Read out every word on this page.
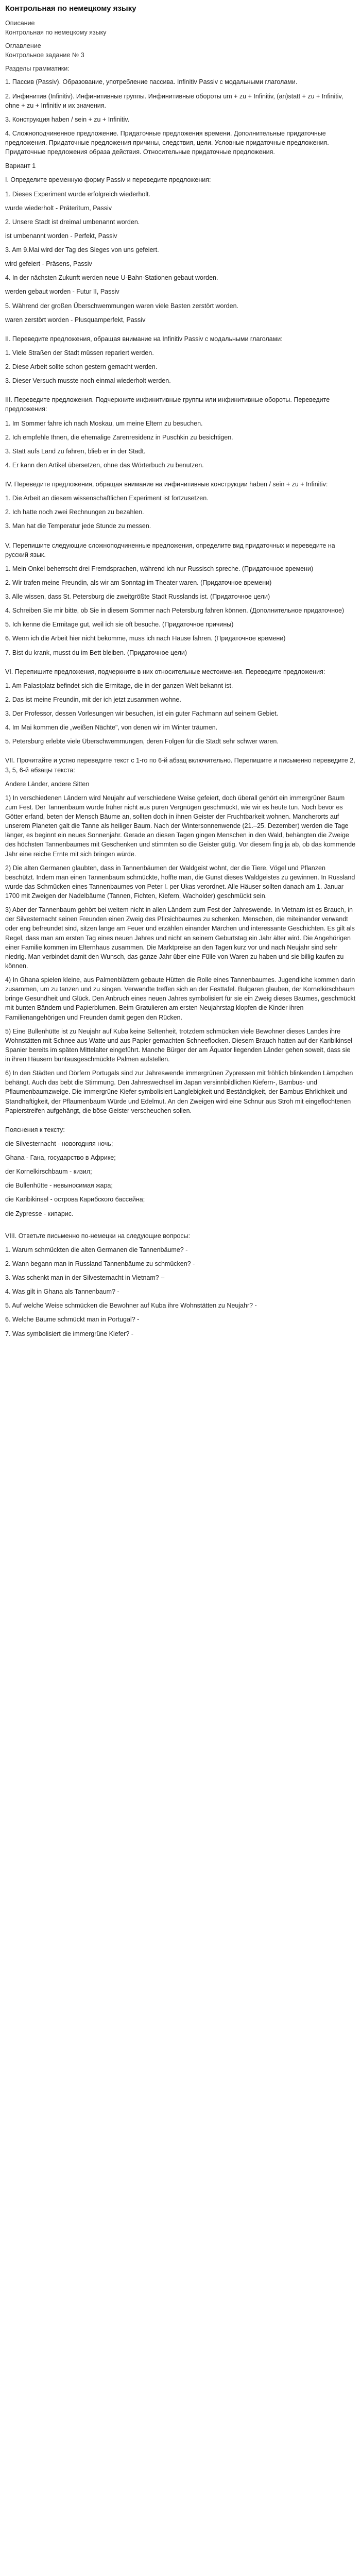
Контрольная по немецкому языку

Описание

Контрольная по немецкому языку

Оглавление

Контрольное задание № 3

Разделы грамматики:

1. Пассив (Passiv). Образование, употребление пассива. Infinitiv Passiv с модальными глаголами.

2. Инфинитив (Infinitiv). Инфинитивные группы. Инфинитивные обороты um + zu + Infinitiv, (an)statt + zu + Infinitiv, ohne + zu + Infinitiv и их значения.

3. Конструкция haben / sein + zu + Infinitiv.

4. Сложноподчиненное предложение. Придаточные предложения времени. Дополнительные придаточные предложения. Придаточные предложения причины, следствия, цели. Условные придаточные предложения. Придаточные предложения образа действия. Относительные придаточные предложения.

Вариант 1

I. Определите временную форму Passiv и переведите предложения:

1. Dieses Experiment wurde erfolgreich wiederholt.

wurde wiederholt - Präteritum, Passiv

2. Unsere Stadt ist dreimal umbenannt worden.

ist umbenannt worden - Perfekt, Passiv

3. Am 9.Mai wird der Tag des Sieges von uns gefeiert.

wird gefeiert - Präsens, Passiv

4. In der nächsten Zukunft werden neue U-Bahn-Stationen gebaut worden.

werden gebaut worden - Futur II, Passiv

5. Während der großen Überschwemmungen waren viele Basten zerstört worden.

waren zerstört worden - Plusquamperfekt, Passiv

II. Переведите предложения, обращая внимание на Infinitiv Passiv с модальными глаголами:

1. Viele Straßen der Stadt müssen repariert werden.

2. Diese Arbeit sollte schon gestern gemacht werden.

3. Dieser Versuch musste noch einmal wiederholt werden.

III. Переведите предложения. Подчеркните инфинитивные группы или инфинитивные обороты. Переведите предложения:

1. Im Sommer fahre ich nach Moskau, um meine Eltern zu besuchen.

2. Ich empfehle Ihnen, die ehemalige Zarenresidenz in Puschkin zu besichtigen.

3. Statt aufs Land zu fahren, blieb er in der Stadt.

4. Er kann den Artikel übersetzen, ohne das Wörterbuch zu benutzen.

IV. Переведите предложения, обращая внимание на инфинитивные конструкции haben / sein + zu + Infinitiv:

1. Die Arbeit an diesem wissenschaftlichen Experiment ist fortzusetzen.

2. Ich hatte noch zwei Rechnungen zu bezahlen.

3. Man hat die Temperatur jede Stunde zu messen.

V. Перепишите следующие сложноподчиненные предложения, определите вид придаточных и переведите на русский язык.

1. Mein Onkel beherrscht drei Fremdsprachen, während ich nur Russisch spreche. (Придаточное времени)

2. Wir trafen meine Freundin, als wir am Sonntag im Theater waren. (Придаточное времени)

3. Alle wissen, dass St. Petersburg die zweitgrößte Stadt Russlands ist. (Придаточное цели)

4. Schreiben Sie mir bitte, ob Sie in diesem Sommer nach Petersburg fahren können. (Дополнительное придаточное)

5. Ich kenne die Ermitage gut, weil ich sie oft besuche. (Придаточное причины)

6. Wenn ich die Arbeit hier nicht bekomme, muss ich nach Hause fahren. (Придаточное времени)

7. Bist du krank, musst du im Bett bleiben. (Придаточное цели)

VI. Перепишите предложения, подчеркните в них относительные местоимения. Переведите предложения:

1. Am Palastplatz befindet sich die Ermitage, die in der ganzen Welt bekannt ist.

2. Das ist meine Freundin, mit der ich jetzt zusammen wohne.

3. Der Professor, dessen Vorlesungen wir besuchen, ist ein guter Fachmann auf seinem Gebiet.

4. Im Mai kommen die „weißen Nächte", von denen wir im Winter träumen.

5. Petersburg erlebte viele Überschwemmungen, deren Folgen für die Stadt sehr schwer waren.

VII. Прочитайте и устно переведите текст с 1-го по 6-й абзац включительно. Перепишите и письменно переведите 2, 3, 5, 6-й абзацы текста:

Andere Länder, andere Sitten

1) In verschiedenen Ländern wird Neujahr auf verschiedene Weise gefeiert, doch überall gehört ein immergrüner Baum zum Fest. Der Tannenbaum wurde früher nicht aus puren Vergnügen geschmückt, wie wir es heute tun. Noch bevor es Götter erfand, beten der Mensch Bäume an, sollten doch in ihnen Geister der Fruchtbarkeit wohnen. Mancherorts auf unserem Planeten galt die Tanne als heiliger Baum. Nach der Wintersonnenwende (21.–25. Dezember) werden die Tage länger, es beginnt ein neues Sonnenjahr. Gerade an diesen Tagen gingen Menschen in den Wald, behängten die Zweige des höchsten Tannenbaumes mit Geschenken und stimmten so die Geister gütig. Vor diesem fing ja ab, ob das kommende Jahr eine reiche Ernte mit sich bringen würde.

2) Die alten Germanen glaubten, dass in Tannenbäumen der Waldgeist wohnt, der die Tiere, Vögel und Pflanzen beschützt. Indem man einen Tannenbaum schmückte, hoffte man, die Gunst dieses Waldgeistes zu gewinnen. In Russland wurde das Schmücken eines Tannenbaumes von Peter I. per Ukas verordnet. Alle Häuser sollten danach am 1. Januar 1700 mit Zweigen der Nadelbäume (Tannen, Fichten, Kiefern, Wacholder) geschmückt sein.

3) Aber der Tannenbaum gehört bei weitem nicht in allen Ländern zum Fest der Jahreswende. In Vietnam ist es Brauch, in der Silvesternacht seinen Freunden einen Zweig des Pfirsichbaumes zu schenken. Menschen, die miteinander verwandt oder eng befreundet sind, sitzen lange am Feuer und erzählen einander Märchen und interessante Geschichten. Es gilt als Regel, dass man am ersten Tag eines neuen Jahres und nicht an seinem Geburtstag ein Jahr älter wird. Die Angehörigen einer Familie kommen im Elternhaus zusammen. Die Marktpreise an den Tagen kurz vor und nach Neujahr sind sehr niedrig. Man verbindet damit den Wunsch, das ganze Jahr über eine Fülle von Waren zu haben und sie billig kaufen zu können.

4) In Ghana spielen kleine, aus Palmenblättern gebaute Hütten die Rolle eines Tannenbaumes. Jugendliche kommen darin zusammen, um zu tanzen und zu singen. Verwandte treffen sich an der Festtafel. Bulgaren glauben, der Kornelkirschbaum bringe Gesundheit und Glück. Den Anbruch eines neuen Jahres symbolisiert für sie ein Zweig dieses Baumes, geschmückt mit bunten Bändern und Papierblumen. Beim Gratulieren am ersten Neujahrstag klopfen die Kinder ihren Familienangehörigen und Freunden damit gegen den Rücken.

5) Eine Bullenhütte ist zu Neujahr auf Kuba keine Seltenheit, trotzdem schmücken viele Bewohner dieses Landes ihre Wohnstätten mit Schnee aus Watte und aus Papier gemachten Schneeflocken. Diesem Brauch hatten auf der Karibikinsel Spanier bereits im späten Mittelalter eingeführt. Manche Bürger der am Äquator liegenden Länder gehen soweit, dass sie in ihren Häusern buntausgeschmückte Palmen aufstellen.

6) In den Städten und Dörfern Portugals sind zur Jahreswende immergrünen Zypressen mit fröhlich blinkenden Lämpchen behängt. Auch das bebt die Stimmung. Den Jahreswechsel im Japan versinnbildlichen Kiefern-, Bambus- und Pflaumenbaumzweige. Die immergrüne Kiefer symbolisiert Langlebigkeit und Beständigkeit, der Bambus Ehrlichkeit und Standhaftigkeit, der Pflaumenbaum Würde und Edelmut. An den Zweigen wird eine Schnur aus Stroh mit eingeflochtenen Papierstreifen aufgehängt, die böse Geister verscheuchen sollen.

Пояснения к тексту:

die Silvesternacht - новогодняя ночь;

Ghana - Гана, государство в Африке;

der Kornelkirschbaum - кизил;

die Bullenhütte - невыносимая жара;

die Karibikinsel - острова Карибского бассейна;

die Zypresse - кипарис.

VIII. Ответьте письменно по-немецки на следующие вопросы:

1. Warum schmückten die alten Germanen die Tannenbäume? -

2. Wann begann man in Russland Tannenbäume zu schmücken? -

3. Was schenkt man in der Silvesternacht in Vietnam? –

4. Was gilt in Ghana als Tannenbaum? -

5. Auf welche Weise schmücken die Bewohner auf Kuba ihre Wohnstätten zu Neujahr? -

6. Welche Bäume schmückt man in Portugal? -

7. Was symbolisiert die immergrüne Kiefer? -
